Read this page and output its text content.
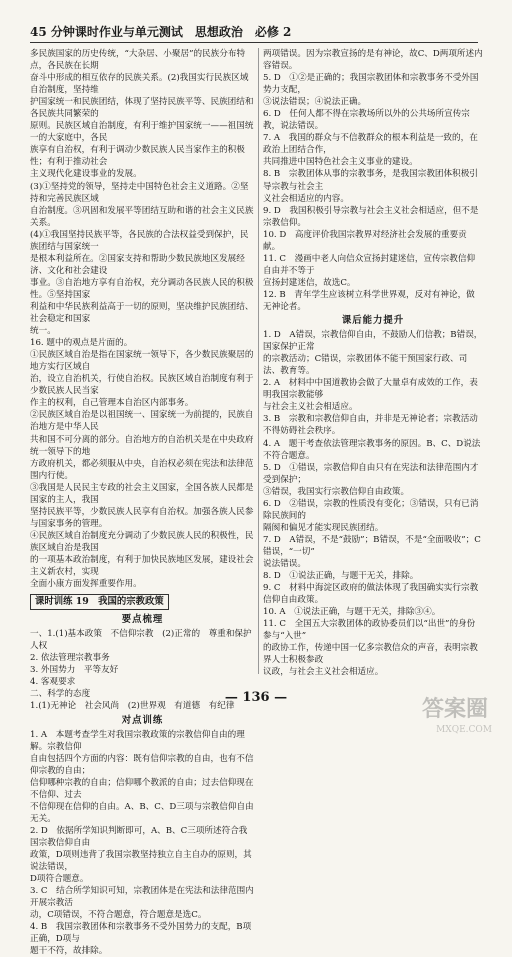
45 分钟课时作业与单元测试　思想政治　必修 2

多民族国家的历史传统，“大杂居、小聚居”的民族分布特点，各民族在长期

奋斗中形成的相互依存的民族关系。(2)我国实行民族区域自治制度，坚持维

护国家统一和民族团结，体现了坚持民族平等、民族团结和各民族共同繁荣的

原则。民族区域自治制度，有利于维护国家统一——祖国统一的大家庭中，各民

族享有自治权，有利于调动少数民族人民当家作主的积极性；有利于推动社会

主义现代化建设事业的发展。

(3)①坚持党的领导，坚持走中国特色社会主义道路。②坚持和完善民族区域

自治制度。③巩固和发展平等团结互助和谐的社会主义民族关系。

(4)①我国坚持民族平等，各民族的合法权益受到保护，民族团结与国家统一

是根本利益所在。②国家支持和帮助少数民族地区发展经济、文化和社会建设

事业。③自治地方享有自治权，充分调动各民族人民的积极性。⑤坚持国家

利益和中华民族利益高于一切的原则，坚决维护民族团结、社会稳定和国家

统一。

16. 题中的观点是片面的。

①民族区域自治是指在国家统一领导下，各少数民族聚居的地方实行区域自

治，设立自治机关，行使自治权。民族区域自治制度有利于少数民族人民当家

作主的权利，自己管理本自治区内部事务。

②民族区域自治是以祖国统一、国家统一为前提的，民族自治地方是中华人民

共和国不可分离的部分。自治地方的自治机关是在中央政府统一领导下的地

方政府机关，都必须服从中央，自治权必须在宪法和法律范围内行使。

③我国是人民民主专政的社会主义国家，全国各族人民都是国家的主人，我国

坚持民族平等，少数民族人民享有自治权。加强各族人民参与国家事务的管理。

④民族区域自治制度充分调动了少数民族人民的积极性，民族区域自治是我国

的一项基本政治制度，有利于加快民族地区发展，建设社会主义新农村，实现

全面小康方面发挥重要作用。

课时训练 19　我国的宗教政策
要点梳理

一、1.(1)基本政策　不信仰宗教　(2)正常的　尊重和保护人权

2. 依法管理宗教事务

3. 外国势力　平等友好

4. 客观要求

二、科学的态度

1.(1)无神论　社会风尚　(2)世界观　有道德　有纪律

对点训练

1. A　本题考查学生对我国宗教政策的宗教信仰自由的理解。宗教信仰

自由包括四个方面的内容：既有信仰宗教的自由，也有不信仰宗教的自由；

信仰哪种宗教的自由；信仰哪个教派的自由；过去信仰现在不信仰、过去

不信仰现在信仰的自由。A、B、C、D三项与宗教信仰自由无关。

2. D　依据所学知识判断即可，A、B、C三项所述符合我国宗教信仰自由

政策，D项则违背了我国宗教坚持独立自主自办的原则，其说法错误，

D项符合题意。

3. C　结合所学知识可知，宗教团体是在宪法和法律范围内开展宗教活

动，C项错误，不符合题意，符合题意是选C。

4. B　我国宗教团体和宗教事务不受外国势力的支配，B项正确，D项与

题干不符，故排除。

两项错误。因为宗教宣扬的是有神论，故C、D两项所述内容错误。

5. D　①②是正确的；我国宗教团体和宗教事务不受外国势力支配，

③说法错误；④说法正确。

6. D　任何人都不得在宗教场所以外的公共场所宣传宗教，说法错误。

7. A　我国的群众与不信教群众的根本利益是一致的，在政治上团结合作，

共同推进中国特色社会主义事业的建设。

8. B　宗教团体从事的宗教事务，是我国宗教团体积极引导宗教与社会主

义社会相适应的内容。

9. D　我国积极引导宗教与社会主义社会相适应，但不是宗教信仰。

10. D　高度评价我国宗教界对经济社会发展的重要贡献。

11. C　漫画中老人向信众宣扬封建迷信，宣传宗教信仰自由并不等于

宣扬封建迷信，故选C。

12. B　青年学生应该树立科学世界观，反对有神论，做无神论者。

课后能力提升

1. D　A错误，宗教信仰自由，不鼓励人们信教；B错误，国家保护正常

的宗教活动；C错误，宗教团体不能干预国家行政、司法、教育等。

2. A　材料中中国道教协会做了大量卓有成效的工作，表明我国宗教能够

与社会主义社会相适应。

3. B　宗教和宗教信仰自由，并非是无神论者；宗教活动不得妨碍社会秩序。

4. A　题干考查依法管理宗教事务的原因。B、C、D说法不符合题意。

5. D　①错误，宗教信仰自由只有在宪法和法律范围内才受到保护；

③错误，我国实行宗教信仰自由政策。

6. D　②错误，宗教的性质没有变化；③错误，只有已消除民族间的

隔阂和偏见才能实现民族团结。

7. D　A错误，不是“鼓励”；B错误，不是“全面吸收”；C错误，“一切”

说法错误。

8. D　①说法正确，与题干无关，排除。

9. C　材料中海淀区政府的做法体现了我国确实实行宗教信仰自由政策。

10. A　①说法正确，与题干无关，排除③④。

11. C　全国五大宗教团体的政协委员们以“出世”的身份参与“入世”

的政协工作，传递中国一亿多宗教信众的声音，表明宗教界人士积极参政

议政，与社会主义社会相适应。

— 136 —	答案圈
MXQE.COM
